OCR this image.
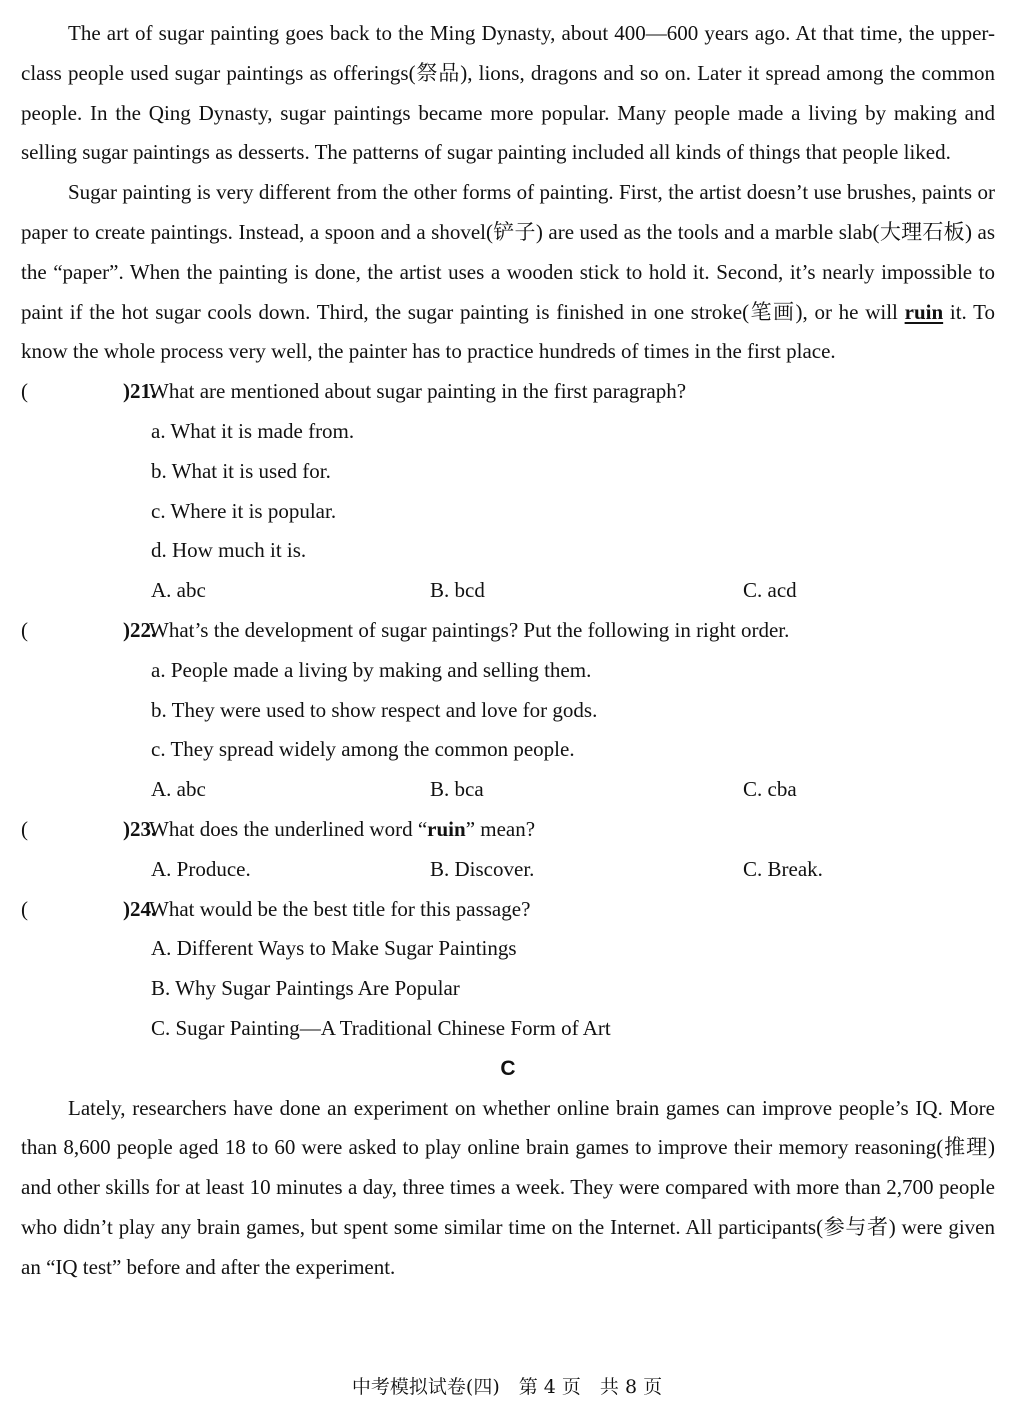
The art of sugar painting goes back to the Ming Dynasty, about 400—600 years ago. At that time, the upper-class people used sugar paintings as offerings(祭品), lions, dragons and so on. Later it spread among the common people. In the Qing Dynasty, sugar paintings became more popular. Many people made a living by making and selling sugar paintings as desserts. The patterns of sugar painting included all kinds of things that people liked.

Sugar painting is very different from the other forms of painting. First, the artist doesn’t use brushes, paints or paper to create paintings. Instead, a spoon and a shovel(铲子) are used as the tools and a marble slab(大理石板) as the “paper”. When the painting is done, the artist uses a wooden stick to hold it. Second, it’s nearly impossible to paint if the hot sugar cools down. Third, the sugar painting is finished in one stroke(笔画), or he will ruin it. To know the whole process very well, the painter has to practice hundreds of times in the first place.

(	)21.
What are mentioned about sugar painting in the first paragraph?
a. What it is made from.
b. What it is used for.
c. Where it is popular.
d. How much it is.
A. abc	B. bcd	C. acd
(	)22.
What’s the development of sugar paintings? Put the following in right order.
a. People made a living by making and selling them.
b. They were used to show respect and love for gods.
c. They spread widely among the common people.
A. abc	B. bca	C. cba
(	)23.
What does the underlined word “ruin” mean?
A. Produce.	B. Discover.	C. Break.
(	)24.
What would be the best title for this passage?
A. Different Ways to Make Sugar Paintings
B. Why Sugar Paintings Are Popular
C. Sugar Painting—A Traditional Chinese Form of Art
C

Lately, researchers have done an experiment on whether online brain games can improve people’s IQ. More than 8,600 people aged 18 to 60 were asked to play online brain games to improve their memory reasoning(推理) and other skills for at least 10 minutes a day, three times a week. They were compared with more than 2,700 people who didn’t play any brain games, but spent some similar time on the Internet. All participants(参与者) were given an “IQ test” before and after the experiment.

中考模拟试卷(四)　第 4 页　共 8 页
